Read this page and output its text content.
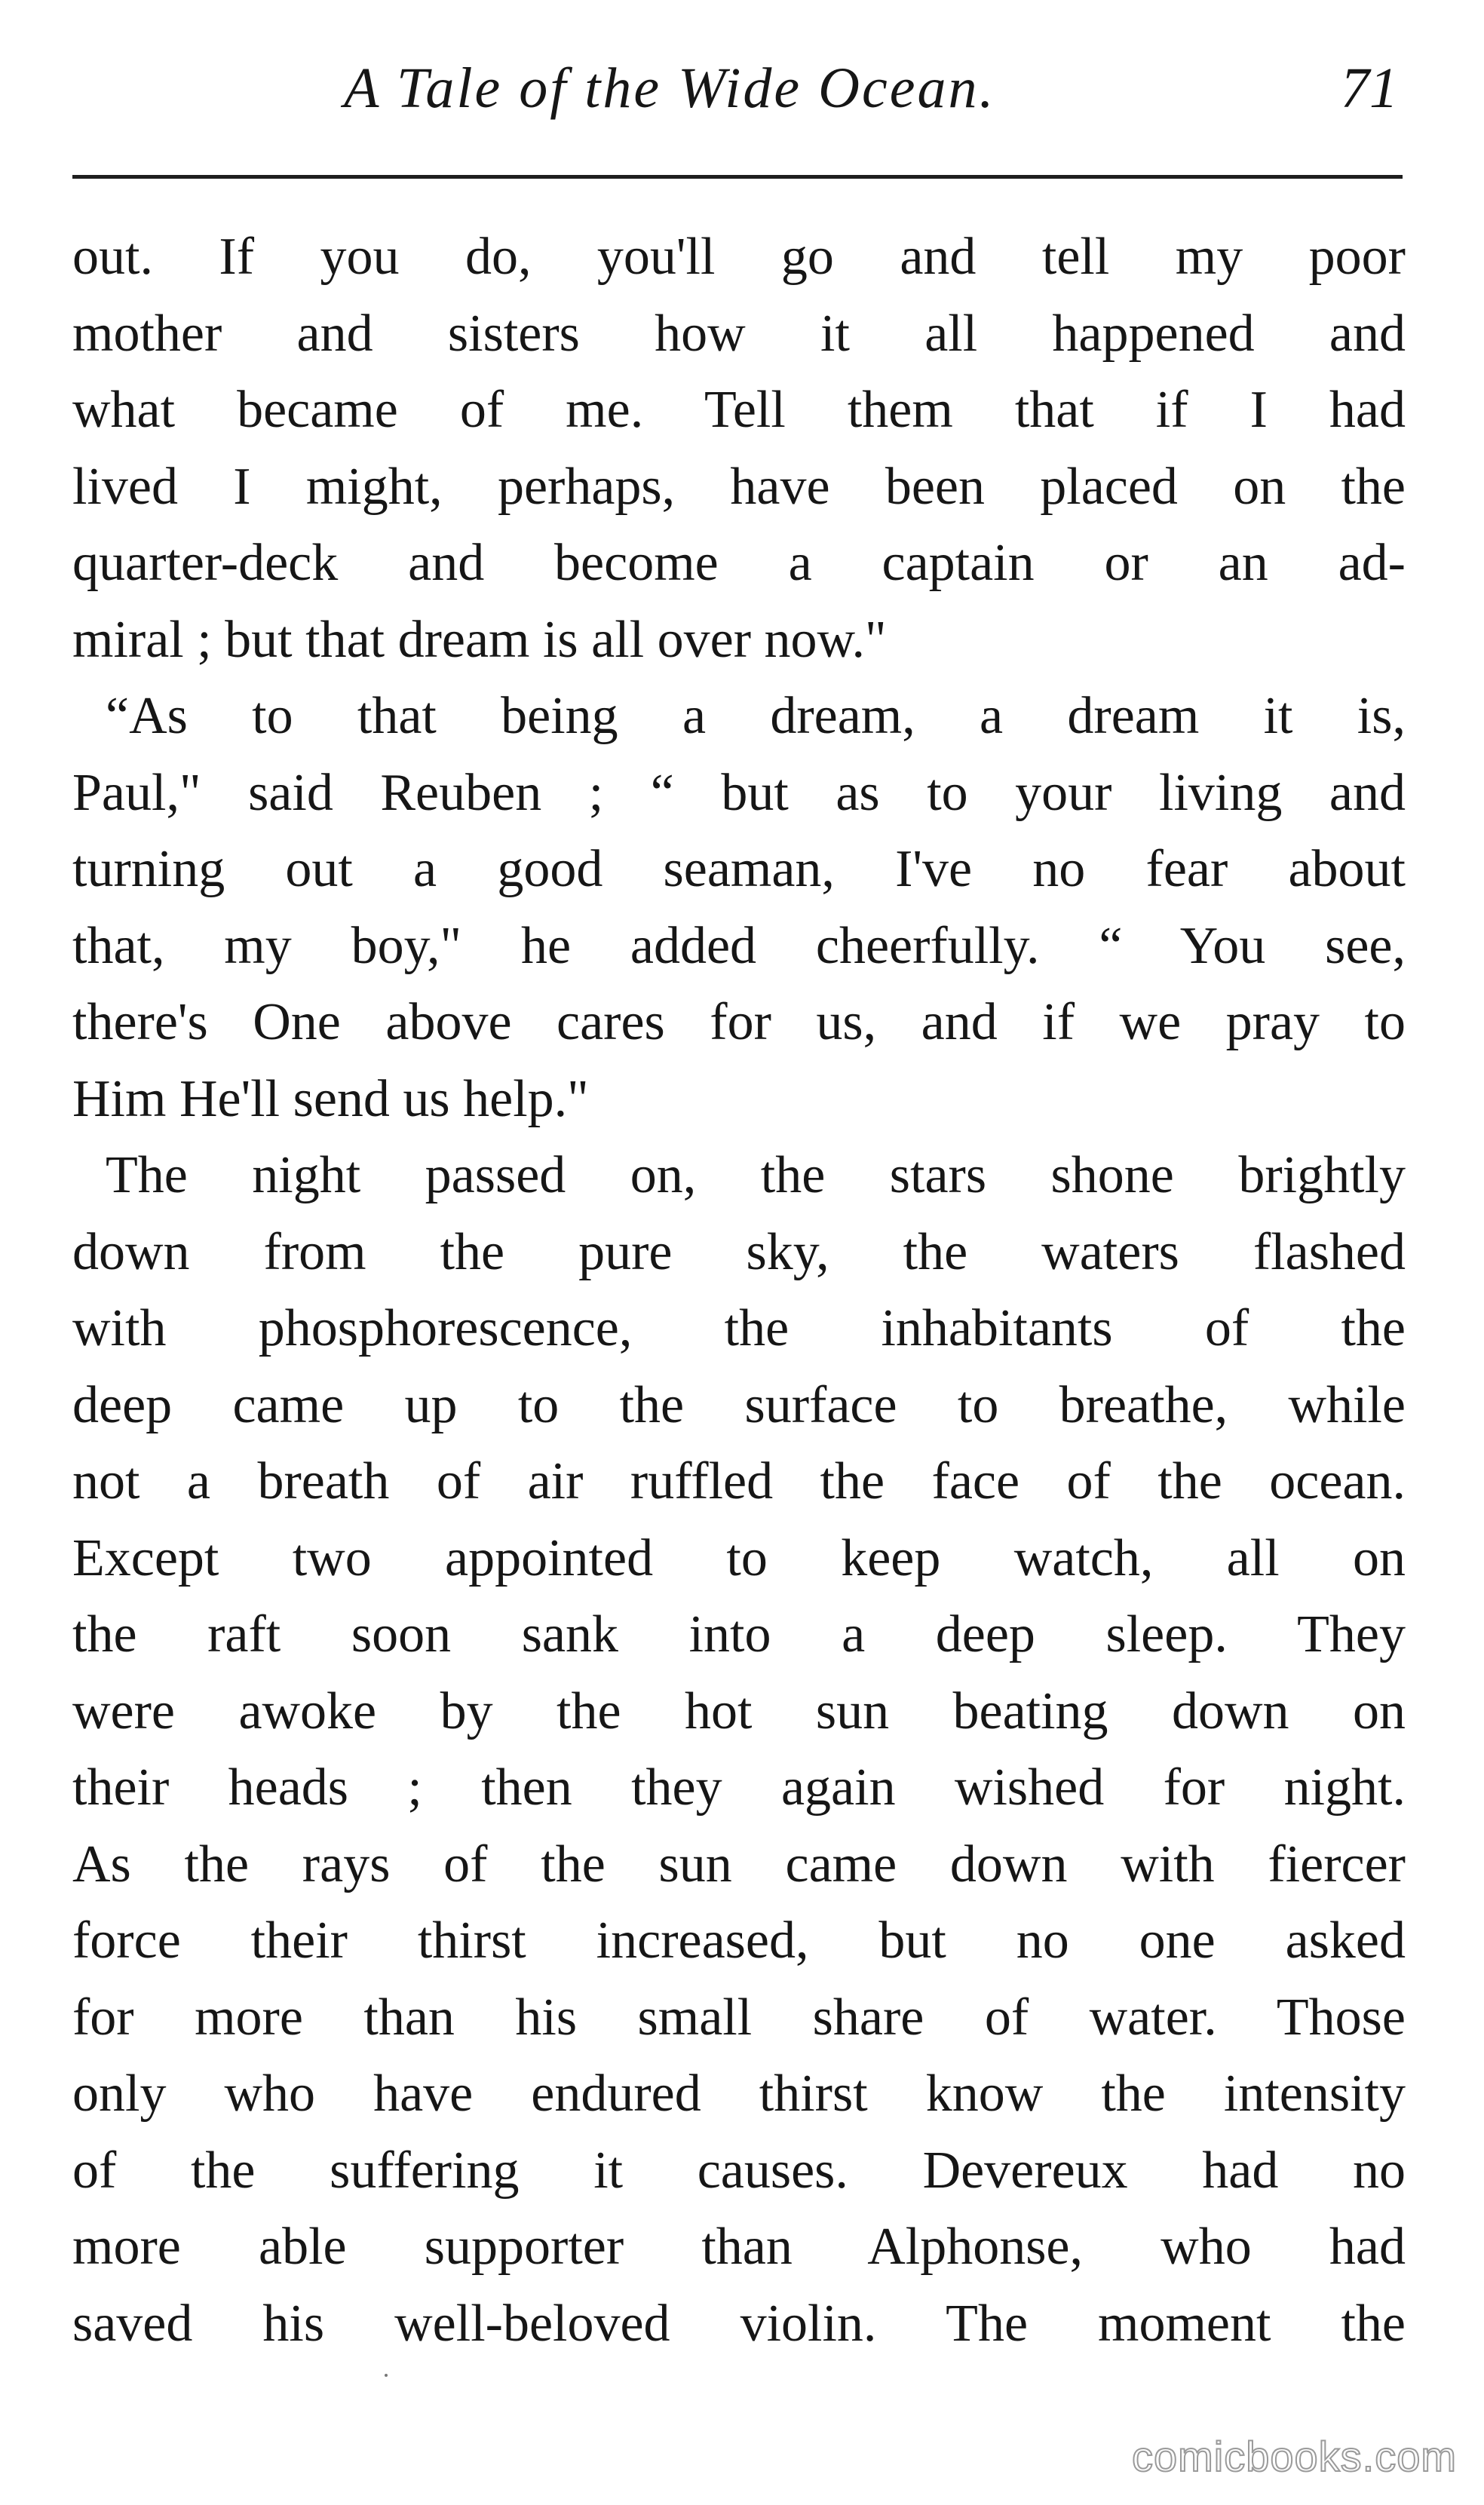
A Tale of the Wide Ocean.	71
out. If you do, you'll go and tell my poor
mother and sisters how it all happened and
what became of me. Tell them that if I had
lived I might, perhaps, have been placed on the
quarter-deck and become a captain or an ad-
miral ; but that dream is all over now."
“As to that being a dream, a dream it is,
Paul," said Reuben ; “ but as to your living and
turning out a good seaman, I've no fear about
that, my boy," he added cheerfully. “ You see,
there's One above cares for us, and if we pray to
Him He'll send us help."
The night passed on, the stars shone brightly
down from the pure sky, the waters flashed
with phosphorescence, the inhabitants of the
deep came up to the surface to breathe, while
not a breath of air ruffled the face of the ocean.
Except two appointed to keep watch, all on
the raft soon sank into a deep sleep. They
were awoke by the hot sun beating down on
their heads ; then they again wished for night.
As the rays of the sun came down with fiercer
force their thirst increased, but no one asked
for more than his small share of water. Those
only who have endured thirst know the intensity
of the suffering it causes. Devereux had no
more able supporter than Alphonse, who had
saved his well-beloved violin. The moment the
comicbooks.com
